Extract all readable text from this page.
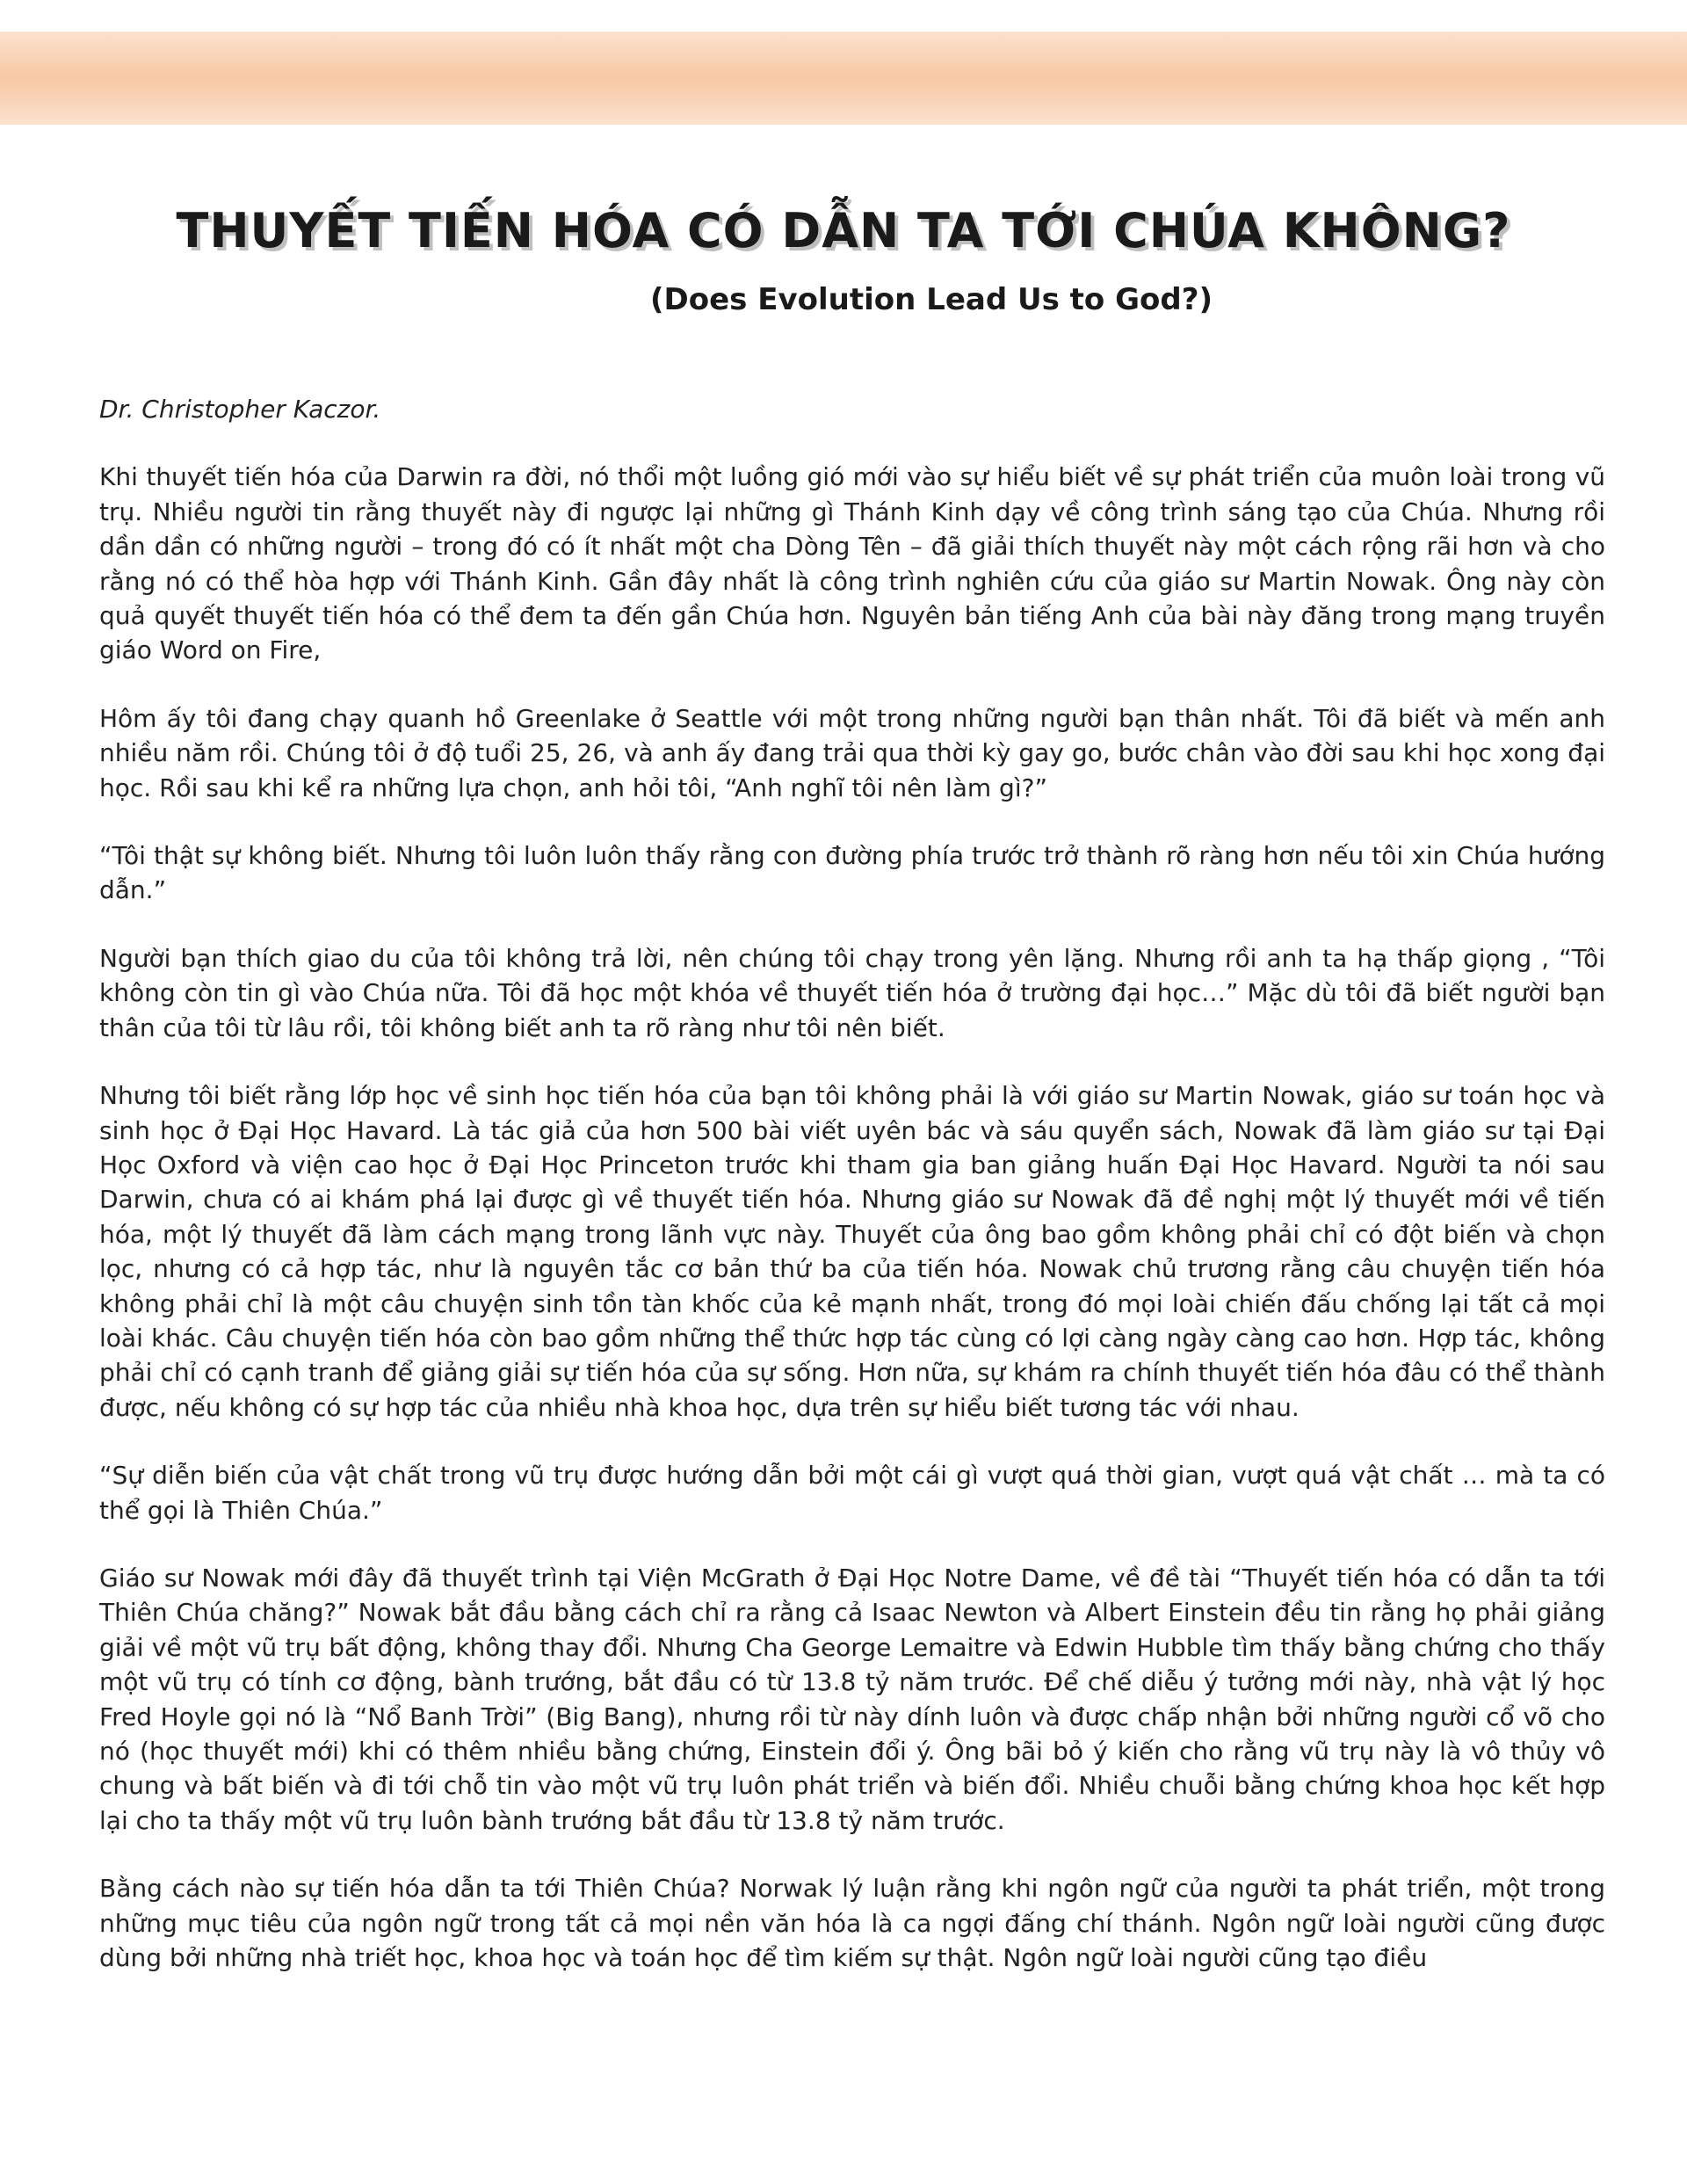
THUYẾT TIẾN HÓA CÓ DẪN TA TỚI CHÚA KHÔNG?
(Does Evolution Lead Us to God?)

Dr. Christopher Kaczor.

Khi thuyết tiến hóa của Darwin ra đời, nó thổi một luồng gió mới vào sự hiểu biết về sự phát triển của muôn loài trong vũ trụ. Nhiều người tin rằng thuyết này đi ngược lại những gì Thánh Kinh dạy về công trình sáng tạo của Chúa. Nhưng rồi dần dần có những người – trong đó có ít nhất một cha Dòng Tên – đã giải thích thuyết này một cách rộng rãi hơn và cho rằng nó có thể hòa hợp với Thánh Kinh. Gần đây nhất là công trình nghiên cứu của giáo sư Martin Nowak. Ông này còn quả quyết thuyết tiến hóa có thể đem ta đến gần Chúa hơn. Nguyên bản tiếng Anh của bài này đăng trong mạng truyền giáo Word on Fire,

Hôm ấy tôi đang chạy quanh hồ Greenlake ở Seattle với một trong những người bạn thân nhất. Tôi đã biết và mến anh nhiều năm rồi. Chúng tôi ở độ tuổi 25, 26, và anh ấy đang trải qua thời kỳ gay go, bước chân vào đời sau khi học xong đại học. Rồi sau khi kể ra những lựa chọn, anh hỏi tôi, “Anh nghĩ tôi nên làm gì?”

“Tôi thật sự không biết. Nhưng tôi luôn luôn thấy rằng con đường phía trước trở thành rõ ràng hơn nếu tôi xin Chúa hướng dẫn.”

Người bạn thích giao du của tôi không trả lời, nên chúng tôi chạy trong yên lặng. Nhưng rồi anh ta hạ thấp giọng , “Tôi không còn tin gì vào Chúa nữa. Tôi đã học một khóa về thuyết tiến hóa ở trường đại học…” Mặc dù tôi đã biết người bạn thân của tôi từ lâu rồi, tôi không biết anh ta rõ ràng như tôi nên biết.

Nhưng tôi biết rằng lớp học về sinh học tiến hóa của bạn tôi không phải là với giáo sư Martin Nowak, giáo sư toán học và sinh học ở Đại Học Havard. Là tác giả của hơn 500 bài viết uyên bác và sáu quyển sách, Nowak đã làm giáo sư tại Đại Học Oxford và viện cao học ở Đại Học Princeton trước khi tham gia ban giảng huấn Đại Học Havard. Người ta nói sau Darwin, chưa có ai khám phá lại được gì về thuyết tiến hóa. Nhưng giáo sư Nowak đã đề nghị một lý thuyết mới về tiến hóa, một lý thuyết đã làm cách mạng trong lãnh vực này. Thuyết của ông bao gồm không phải chỉ có đột biến và chọn lọc, nhưng có cả hợp tác, như là nguyên tắc cơ bản thứ ba của tiến hóa. Nowak chủ trương rằng câu chuyện tiến hóa không phải chỉ là một câu chuyện sinh tồn tàn khốc của kẻ mạnh nhất, trong đó mọi loài chiến đấu chống lại tất cả mọi loài khác. Câu chuyện tiến hóa còn bao gồm những thể thức hợp tác cùng có lợi càng ngày càng cao hơn. Hợp tác, không phải chỉ có cạnh tranh để giảng giải sự tiến hóa của sự sống. Hơn nữa, sự khám ra chính thuyết tiến hóa đâu có thể thành được, nếu không có sự hợp tác của nhiều nhà khoa học, dựa trên sự hiểu biết tương tác với nhau.

“Sự diễn biến của vật chất trong vũ trụ được hướng dẫn bởi một cái gì vượt quá thời gian, vượt quá vật chất … mà ta có thể gọi là Thiên Chúa.”

Giáo sư Nowak mới đây đã thuyết trình tại Viện McGrath ở Đại Học Notre Dame, về đề tài “Thuyết tiến hóa có dẫn ta tới Thiên Chúa chăng?” Nowak bắt đầu bằng cách chỉ ra rằng cả Isaac Newton và Albert Einstein đều tin rằng họ phải giảng giải về một vũ trụ bất động, không thay đổi. Nhưng Cha George Lemaitre và Edwin Hubble tìm thấy bằng chứng cho thấy một vũ trụ có tính cơ động, bành trướng, bắt đầu có từ 13.8 tỷ năm trước. Để chế diễu ý tưởng mới này, nhà vật lý học Fred Hoyle gọi nó là “Nổ Banh Trời” (Big Bang), nhưng rồi từ này dính luôn và được chấp nhận bởi những người cổ võ cho nó (học thuyết mới) khi có thêm nhiều bằng chứng, Einstein đổi ý. Ông bãi bỏ ý kiến cho rằng vũ trụ này là vô thủy vô chung và bất biến và đi tới chỗ tin vào một vũ trụ luôn phát triển và biến đổi. Nhiều chuỗi bằng chứng khoa học kết hợp lại cho ta thấy một vũ trụ luôn bành trướng bắt đầu từ 13.8 tỷ năm trước.

Bằng cách nào sự tiến hóa dẫn ta tới Thiên Chúa? Norwak lý luận rằng khi ngôn ngữ của người ta phát triển, một trong những mục tiêu của ngôn ngữ trong tất cả mọi nền văn hóa là ca ngợi đấng chí thánh. Ngôn ngữ loài người cũng được dùng bởi những nhà triết học, khoa học và toán học để tìm kiếm sự thật. Ngôn ngữ loài người cũng tạo điều
